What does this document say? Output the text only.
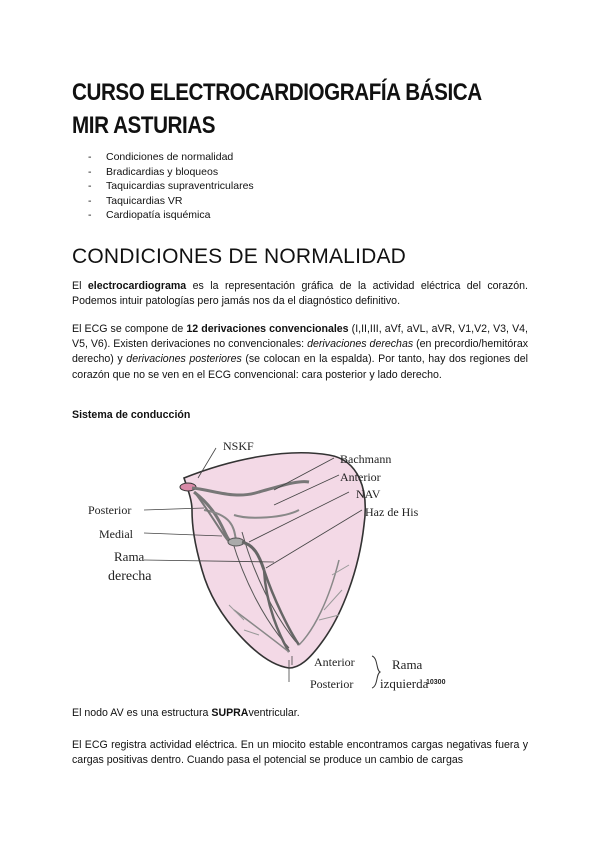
CURSO ELECTROCARDIOGRAFÍA BÁSICA
MIR ASTURIAS
- Condiciones de normalidad
- Bradicardias y bloqueos
- Taquicardias supraventriculares
- Taquicardias VR
- Cardiopatía isquémica
CONDICIONES DE NORMALIDAD
El electrocardiograma es la representación gráfica de la actividad eléctrica del corazón. Podemos intuir patologías pero jamás nos da el diagnóstico definitivo.
El ECG se compone de 12 derivaciones convencionales (I,II,III, aVf, aVL, aVR, V1,V2, V3, V4, V5, V6). Existen derivaciones no convencionales: derivaciones derechas (en precordio/hemitórax derecho) y derivaciones posteriores (se colocan en la espalda). Por tanto, hay dos regiones del corazón que no se ven en el ECG convencional: cara posterior y lado derecho.
Sistema de conducción
NSKF
Bachmann
Anterior
NAV
Haz de His
Posterior
Medial
Rama
derecha
Anterior
Posterior
Rama
izquierda
10300
El nodo AV es una estructura SUPRAventricular.
El ECG registra actividad eléctrica. En un miocito estable encontramos cargas negativas fuera y cargas positivas dentro. Cuando pasa el potencial se produce un cambio de cargas
